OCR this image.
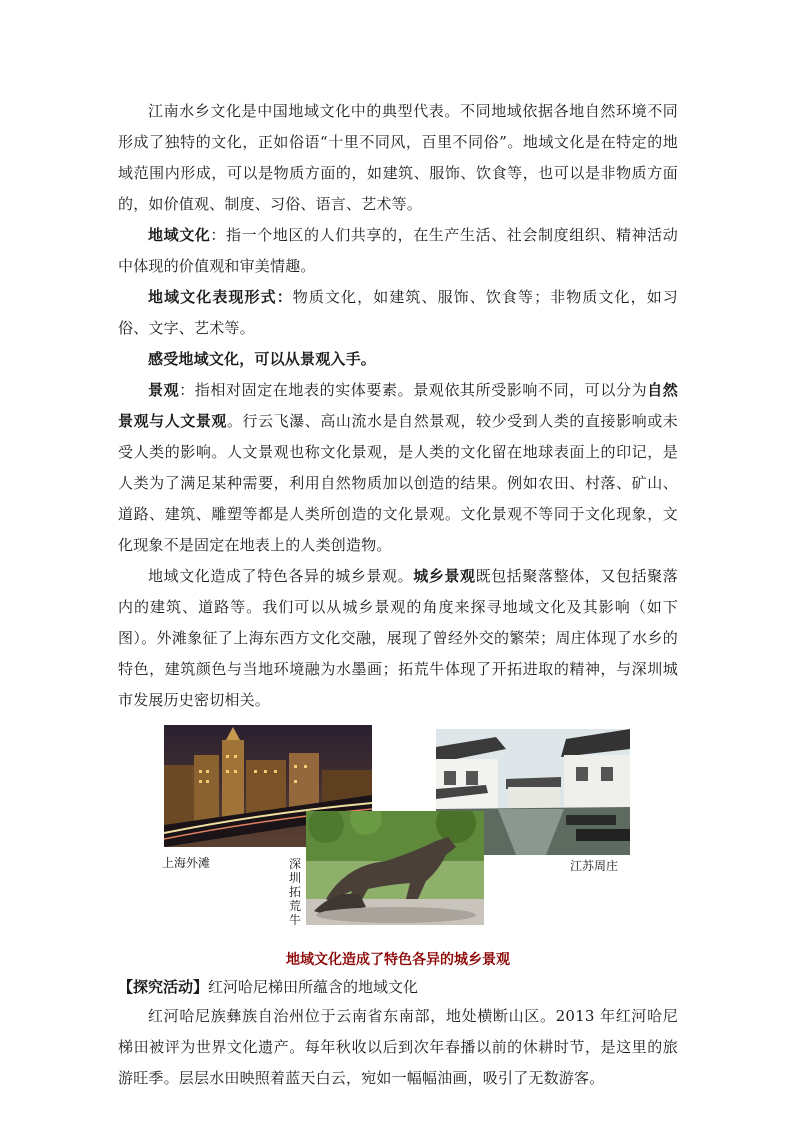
江南水乡文化是中国地域文化中的典型代表。不同地域依据各地自然环境不同形成了独特的文化，正如俗语“十里不同风，百里不同俗”。地域文化是在特定的地域范围内形成，可以是物质方面的，如建筑、服饰、饮食等，也可以是非物质方面的，如价值观、制度、习俗、语言、艺术等。

地域文化：指一个地区的人们共享的，在生产生活、社会制度组织、精神活动中体现的价值观和审美情趣。

地域文化表现形式：物质文化，如建筑、服饰、饮食等；非物质文化，如习俗、文字、艺术等。

感受地域文化，可以从景观入手。

景观：指相对固定在地表的实体要素。景观依其所受影响不同，可以分为自然景观与人文景观。行云飞瀑、高山流水是自然景观，较少受到人类的直接影响或未受人类的影响。人文景观也称文化景观，是人类的文化留在地球表面上的印记，是人类为了满足某种需要，利用自然物质加以创造的结果。例如农田、村落、矿山、道路、建筑、雕塑等都是人类所创造的文化景观。文化景观不等同于文化现象，文化现象不是固定在地表上的人类创造物。

地域文化造成了特色各异的城乡景观。城乡景观既包括聚落整体，又包括聚落内的建筑、道路等。我们可以从城乡景观的角度来探寻地域文化及其影响（如下图）。外滩象征了上海东西方文化交融，展现了曾经外交的繁荣；周庄体现了水乡的特色，建筑颜色与当地环境融为水墨画；拓荒牛体现了开拓进取的精神，与深圳城市发展历史密切相关。

上海外滩	江苏周庄
深圳拓荒牛
地域文化造成了特色各异的城乡景观

【探究活动】红河哈尼梯田所蕴含的地域文化

红河哈尼族彝族自治州位于云南省东南部，地处横断山区。2013 年红河哈尼梯田被评为世界文化遗产。每年秋收以后到次年春播以前的休耕时节，是这里的旅游旺季。层层水田映照着蓝天白云，宛如一幅幅油画，吸引了无数游客。
